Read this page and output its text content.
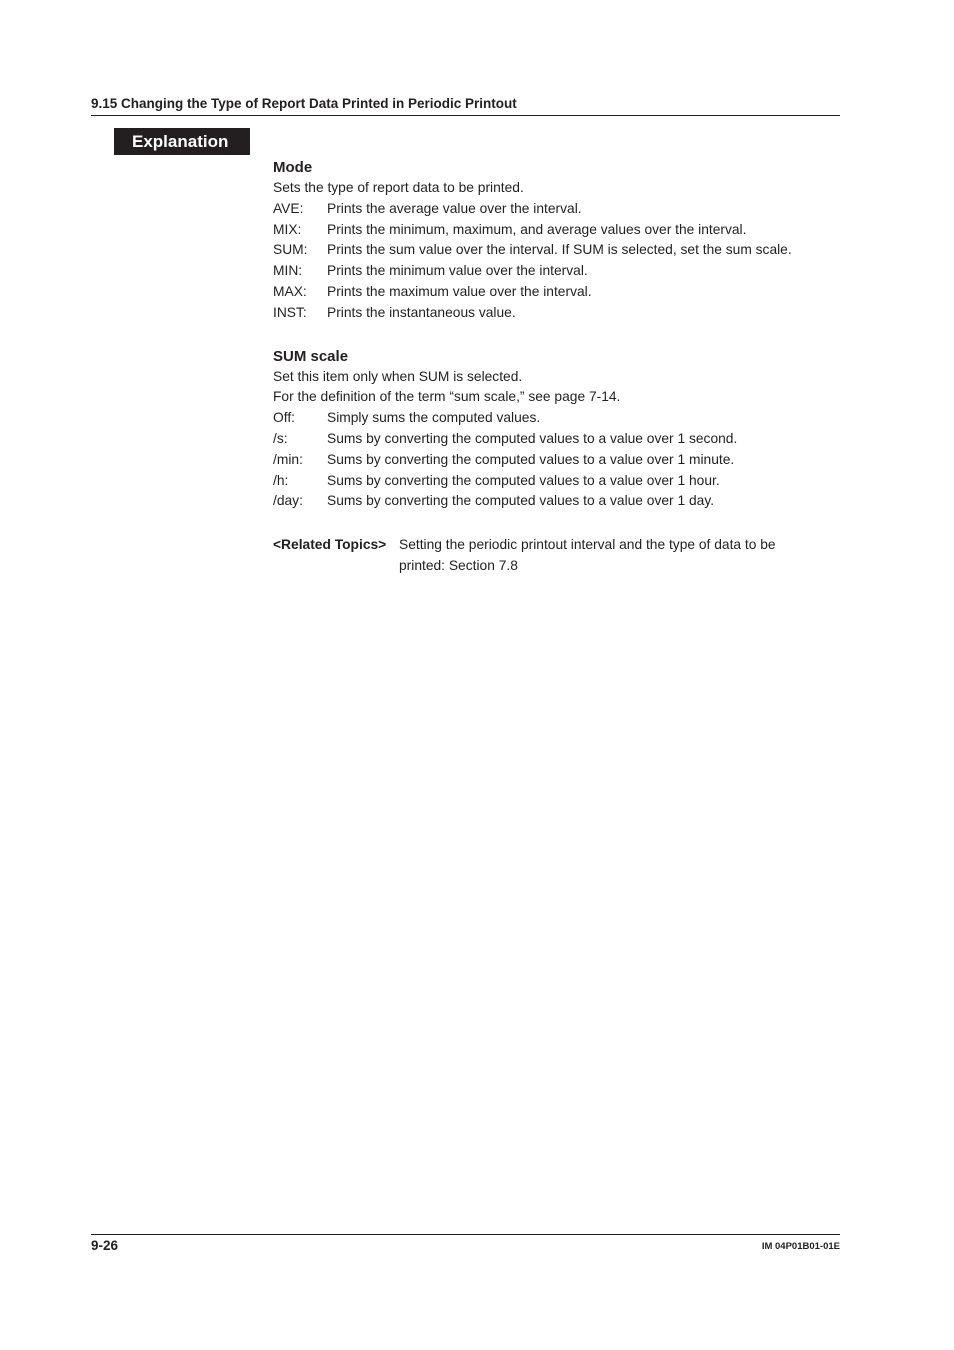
9.15 Changing the Type of Report Data Printed in Periodic Printout
Explanation
Mode
Sets the type of report data to be printed.
AVE:	Prints the average value over the interval.
MIX:	Prints the minimum, maximum, and average values over the interval.
SUM:	Prints the sum value over the interval. If SUM is selected, set the sum scale.
MIN:	Prints the minimum value over the interval.
MAX:	Prints the maximum value over the interval.
INST:	Prints the instantaneous value.
SUM scale
Set this item only when SUM is selected.
For the definition of the term “sum scale,” see page 7-14.
Off:	Simply sums the computed values.
/s:	Sums by converting the computed values to a value over 1 second.
/min:	Sums by converting the computed values to a value over 1 minute.
/h:	Sums by converting the computed values to a value over 1 hour.
/day:	Sums by converting the computed values to a value over 1 day.
<Related Topics> Setting the periodic printout interval and the type of data to be printed: Section 7.8
9-26	IM 04P01B01-01E
